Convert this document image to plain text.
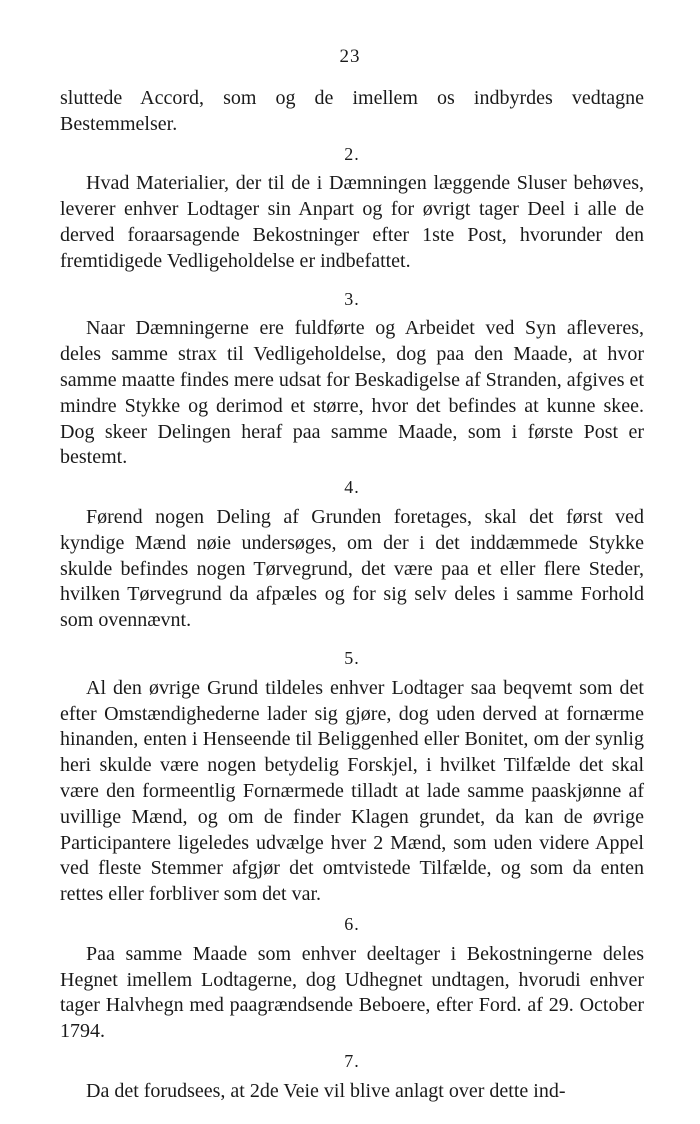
23

sluttede Accord, som og de imellem os indbyrdes vedtagne Bestemmelser.

2.

Hvad Materialier, der til de i Dæmningen læggende Sluser behøves, leverer enhver Lodtager sin Anpart og for øvrigt tager Deel i alle de derved foraarsagende Bekostninger efter 1ste Post, hvorunder den fremtidigede Vedligeholdelse er indbefattet.

3.

Naar Dæmningerne ere fuldførte og Arbeidet ved Syn afleveres, deles samme strax til Vedligeholdelse, dog paa den Maade, at hvor samme maatte findes mere udsat for Beskadigelse af Stranden, afgives et mindre Stykke og derimod et større, hvor det befindes at kunne skee. Dog skeer Delingen heraf paa samme Maade, som i første Post er bestemt.

4.

Førend nogen Deling af Grunden foretages, skal det først ved kyndige Mænd nøie undersøges, om der i det inddæmmede Stykke skulde befindes nogen Tørvegrund, det være paa et eller flere Steder, hvilken Tørvegrund da afpæles og for sig selv deles i samme Forhold som ovennævnt.

5.

Al den øvrige Grund tildeles enhver Lodtager saa beqvemt som det efter Omstændighederne lader sig gjøre, dog uden derved at fornærme hinanden, enten i Henseende til Beliggenhed eller Bonitet, om der synlig heri skulde være nogen betydelig Forskjel, i hvilket Tilfælde det skal være den formeentlig Fornærmede tilladt at lade samme paaskjønne af uvillige Mænd, og om de finder Klagen grundet, da kan de øvrige Participantere ligeledes udvælge hver 2 Mænd, som uden videre Appel ved fleste Stemmer afgjør det omtvistede Tilfælde, og som da enten rettes eller forbliver som det var.

6.

Paa samme Maade som enhver deeltager i Bekostningerne deles Hegnet imellem Lodtagerne, dog Udhegnet undtagen, hvorudi enhver tager Halvhegn med paagrændsende Beboere, efter Ford. af 29. October 1794.

7.

Da det forudsees, at 2de Veie vil blive anlagt over dette ind-
